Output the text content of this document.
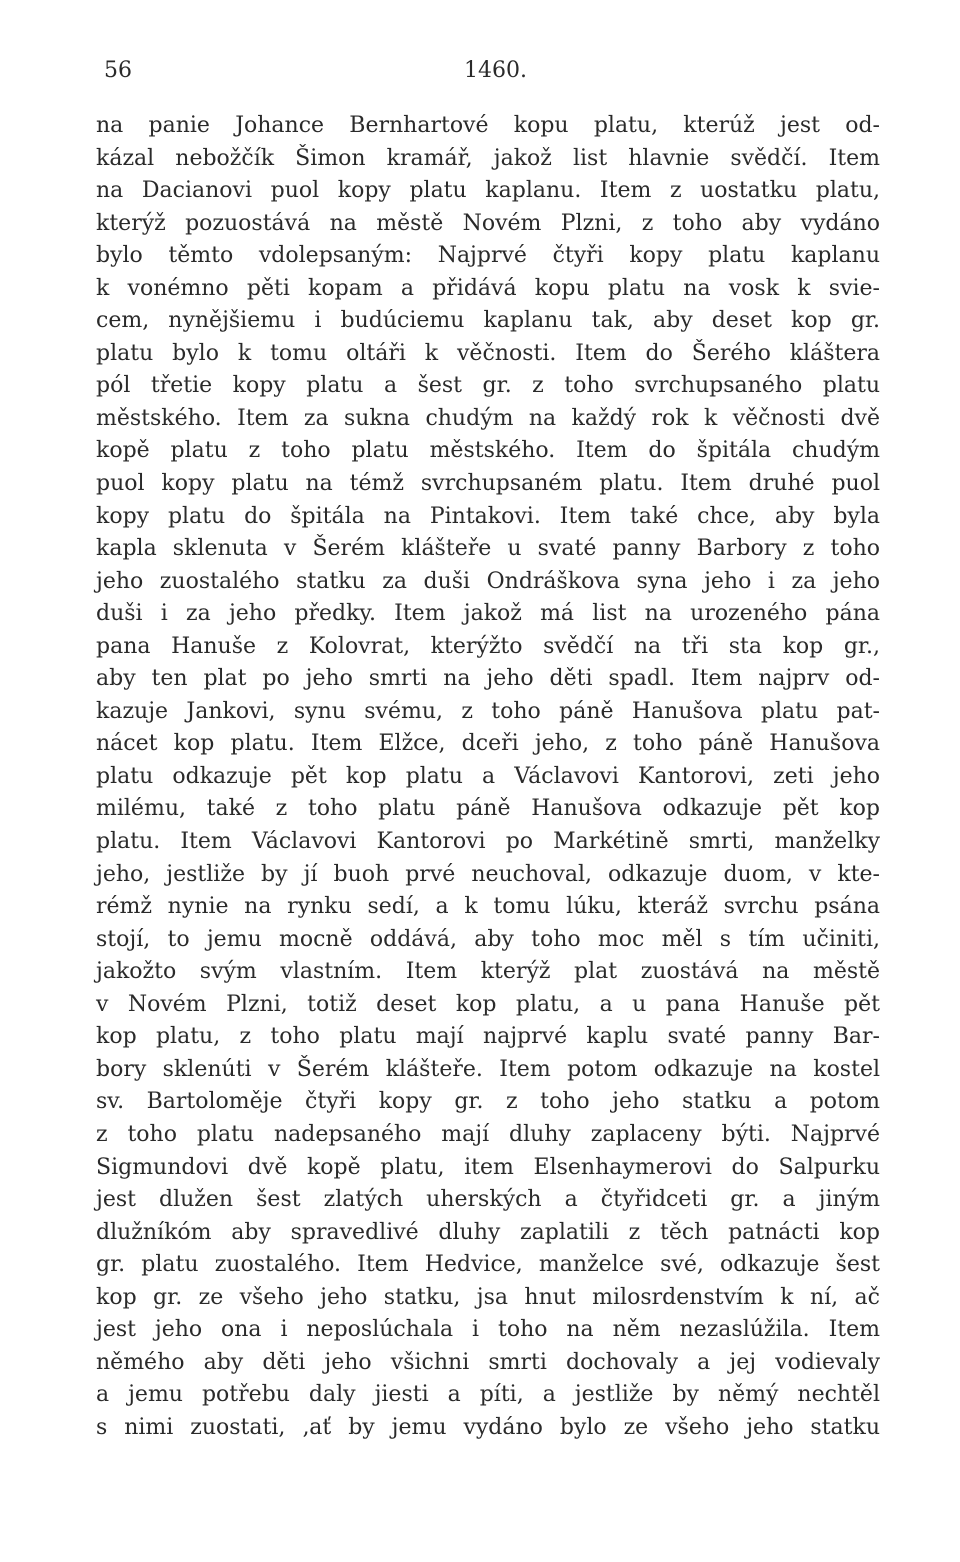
56	1460.
na panie Johance Bernhartové kopu platu, kterúž jest od-
kázal nebožčík Šimon kramář, jakož list hlavnie svědčí. Item
na Dacianovi puol kopy platu kaplanu. Item z uostatku platu,
kterýž pozuostává na městě Novém Plzni, z toho aby vydáno
bylo těmto vdolepsaným: Najprvé čtyři kopy platu kaplanu
k vonémno pěti kopam a přidává kopu platu na vosk k svie-
cem, nynějšiemu i budúciemu kaplanu tak, aby deset kop gr.
platu bylo k tomu oltáři k věčnosti. Item do Šerého kláštera
pól třetie kopy platu a šest gr. z toho svrchupsaného platu
městského. Item za sukna chudým na každý rok k věčnosti dvě
kopě platu z toho platu městského. Item do špitála chudým
puol kopy platu na témž svrchupsaném platu. Item druhé puol
kopy platu do špitála na Pintakovi. Item také chce, aby byla
kapla sklenuta v Šerém klášteře u svaté panny Barbory z toho
jeho zuostalého statku za duši Ondráškova syna jeho i za jeho
duši i za jeho předky. Item jakož má list na urozeného pána
pana Hanuše z Kolovrat, kterýžto svědčí na tři sta kop gr.,
aby ten plat po jeho smrti na jeho děti spadl. Item najprv od-
kazuje Jankovi, synu svému, z toho páně Hanušova platu pat-
nácet kop platu. Item Elžce, dceři jeho, z toho páně Hanušova
platu odkazuje pět kop platu a Václavovi Kantorovi, zeti jeho
milému, také z toho platu páně Hanušova odkazuje pět kop
platu. Item Václavovi Kantorovi po Markétině smrti, manželky
jeho, jestliže by jí buoh prvé neuchoval, odkazuje duom, v kte-
rémž nynie na rynku sedí, a k tomu lúku, kteráž svrchu psána
stojí, to jemu mocně oddává, aby toho moc měl s tím učiniti,
jakožto svým vlastním. Item kterýž plat zuostává na městě
v Novém Plzni, totiž deset kop platu, a u pana Hanuše pět
kop platu, z toho platu mají najprvé kaplu svaté panny Bar-
bory sklenúti v Šerém klášteře. Item potom odkazuje na kostel
sv. Bartoloměje čtyři kopy gr. z toho jeho statku a potom
z toho platu nadepsaného mají dluhy zaplaceny býti. Najprvé
Sigmundovi dvě kopě platu, item Elsenhaymerovi do Salpurku
jest dlužen šest zlatých uherských a čtyřidceti gr. a jiným
dlužníkóm aby spravedlivé dluhy zaplatili z těch patnácti kop
gr. platu zuostalého. Item Hedvice, manželce své, odkazuje šest
kop gr. ze všeho jeho statku, jsa hnut milosrdenstvím k ní, ač
jest jeho ona i neposlúchala i toho na něm nezaslúžila. Item
němého aby děti jeho všichni smrti dochovaly a jej vodievaly
a jemu potřebu daly jiesti a píti, a jestliže by němý nechtěl
s nimi zuostati, ‚ať by jemu vydáno bylo ze všeho jeho statku
